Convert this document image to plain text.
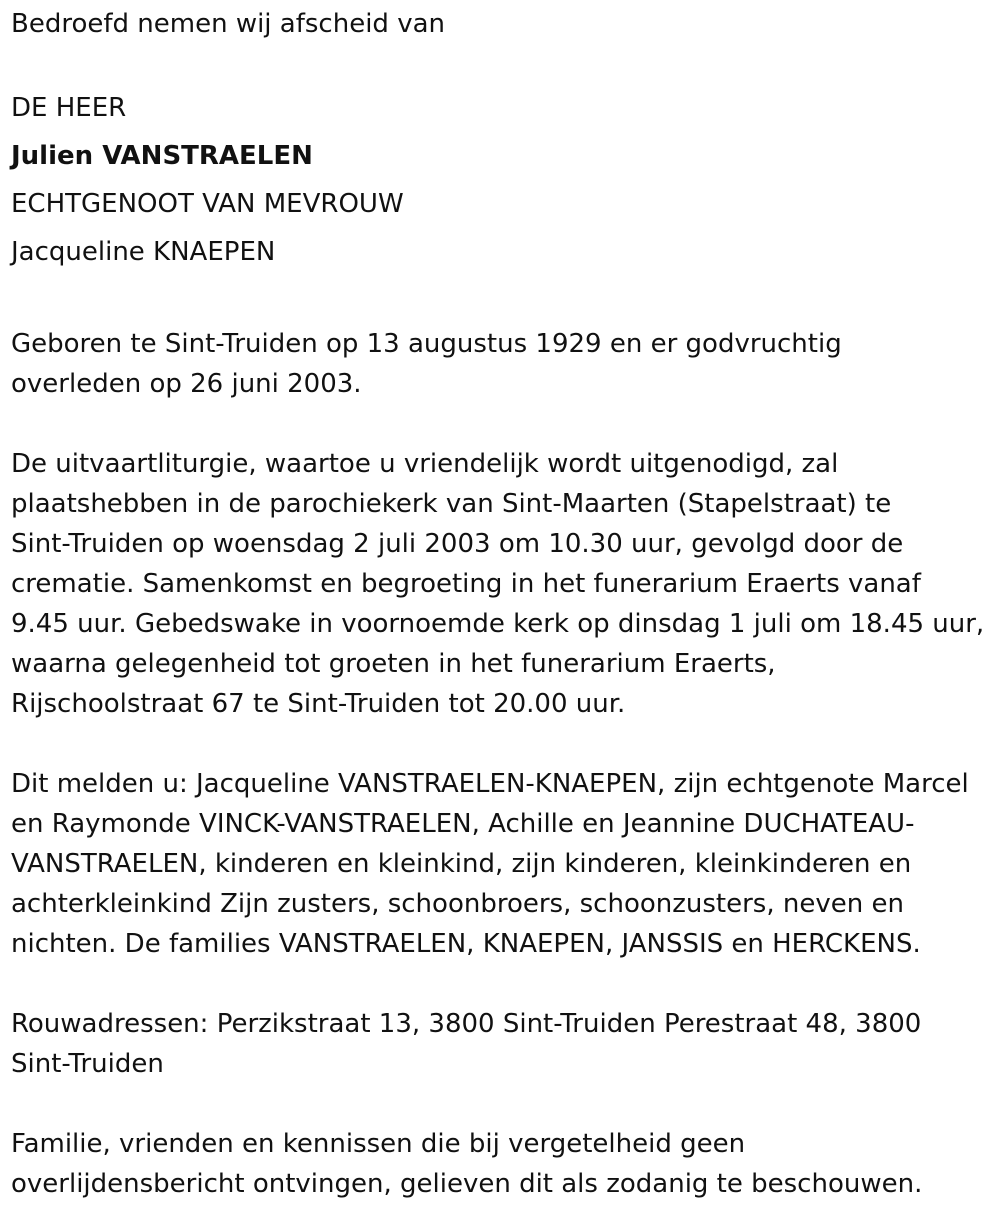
Bedroefd nemen wij afscheid van
DE HEER
Julien VANSTRAELEN
ECHTGENOOT VAN MEVROUW
Jacqueline KNAEPEN
Geboren te Sint-Truiden op 13 augustus 1929 en er godvruchtig
overleden op 26 juni 2003.
De uitvaartliturgie, waartoe u vriendelijk wordt uitgenodigd, zal
plaatshebben in de parochiekerk van Sint-Maarten (Stapelstraat) te
Sint-Truiden op woensdag 2 juli 2003 om 10.30 uur, gevolgd door de
crematie. Samenkomst en begroeting in het funerarium Eraerts vanaf
9.45 uur. Gebedswake in voornoemde kerk op dinsdag 1 juli om 18.45 uur,
waarna gelegenheid tot groeten in het funerarium Eraerts,
Rijschoolstraat 67 te Sint-Truiden tot 20.00 uur.
Dit melden u: Jacqueline VANSTRAELEN-KNAEPEN, zijn echtgenote Marcel
en Raymonde VINCK-VANSTRAELEN, Achille en Jeannine DUCHATEAU-
VANSTRAELEN, kinderen en kleinkind, zijn kinderen, kleinkinderen en
achterkleinkind Zijn zusters, schoonbroers, schoonzusters, neven en
nichten. De families VANSTRAELEN, KNAEPEN, JANSSIS en HERCKENS.
Rouwadressen: Perzikstraat 13, 3800 Sint-Truiden Perestraat 48, 3800
Sint-Truiden
Familie, vrienden en kennissen die bij vergetelheid geen
overlijdensbericht ontvingen, gelieven dit als zodanig te beschouwen.
